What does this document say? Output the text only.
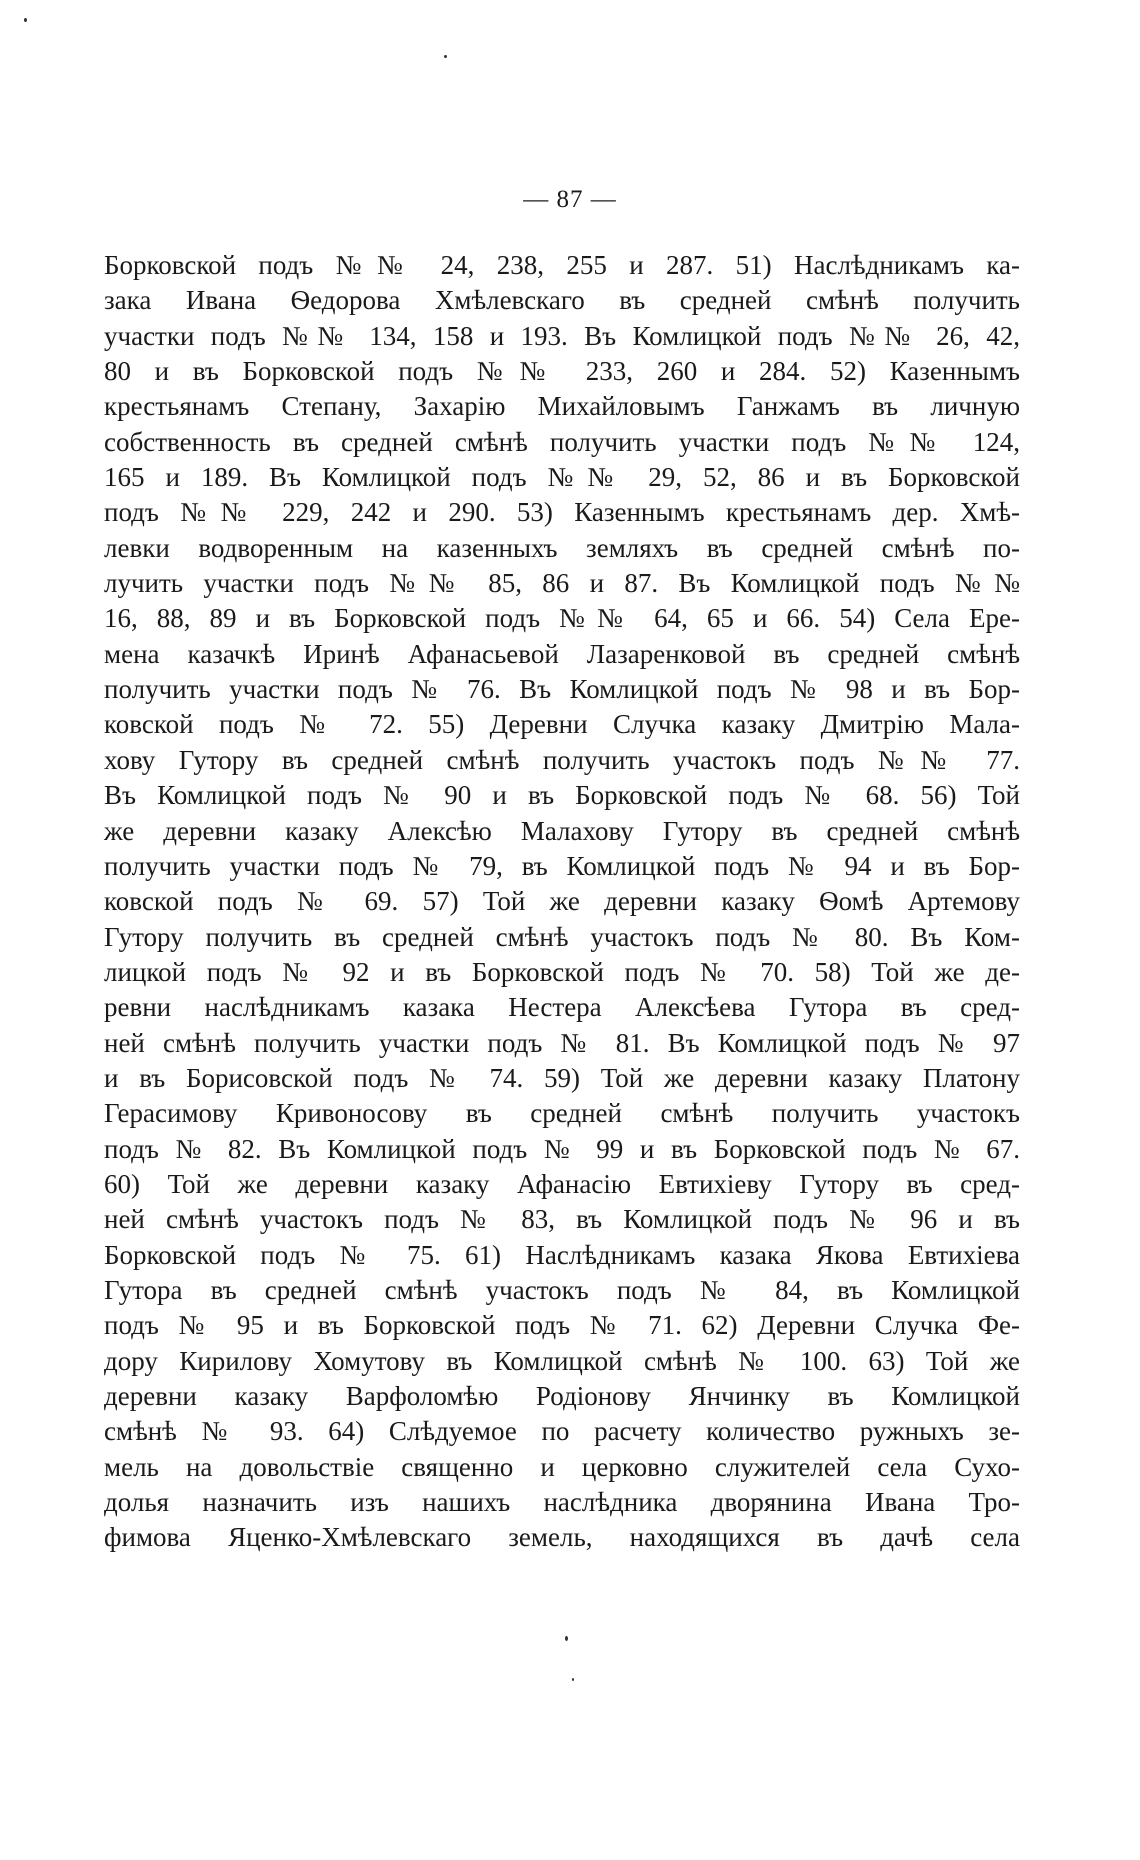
— 87 —
Борковской подъ №№ 24, 238, 255 и 287. 51) Наслѣдникамъ ка-
зака Ивана Ѳедорова Хмѣлевскаго въ средней смѣнѣ получить
участки подъ №№ 134, 158 и 193. Въ Комлицкой подъ №№ 26, 42,
80 и въ Борковской подъ №№ 233, 260 и 284. 52) Казеннымъ
крестьянамъ Степану, Захарію Михайловымъ Ганжамъ въ личную
собственность въ средней смѣнѣ получить участки подъ №№ 124,
165 и 189. Въ Комлицкой подъ №№ 29, 52, 86 и въ Борковской
подъ №№ 229, 242 и 290. 53) Казеннымъ крестьянамъ дер. Хмѣ-
левки водворенным на казенныхъ земляхъ въ средней смѣнѣ по-
лучить участки подъ №№ 85, 86 и 87. Въ Комлицкой подъ №№
16, 88, 89 и въ Борковской подъ №№ 64, 65 и 66. 54) Села Ере-
мена казачкѣ Иринѣ Афанасьевой Лазаренковой въ средней смѣнѣ
получить участки подъ № 76. Въ Комлицкой подъ № 98 и въ Бор-
ковской подъ № 72. 55) Деревни Случка казаку Дмитрію Мала-
хову Гутору въ средней смѣнѣ получить участокъ подъ №№ 77.
Въ Комлицкой подъ № 90 и въ Борковской подъ № 68. 56) Той
же деревни казаку Алексѣю Малахову Гутору въ средней смѣнѣ
получить участки подъ № 79, въ Комлицкой подъ № 94 и въ Бор-
ковской подъ № 69. 57) Той же деревни казаку Ѳомѣ Артемову
Гутору получить въ средней смѣнѣ участокъ подъ № 80. Въ Ком-
лицкой подъ № 92 и въ Борковской подъ № 70. 58) Той же де-
ревни наслѣдникамъ казака Нестера Алексѣева Гутора въ сред-
ней смѣнѣ получить участки подъ № 81. Въ Комлицкой подъ № 97
и въ Борисовской подъ № 74. 59) Той же деревни казаку Платону
Герасимову Кривоносову въ средней смѣнѣ получить участокъ
подъ № 82. Въ Комлицкой подъ № 99 и въ Борковской подъ № 67.
60) Той же деревни казаку Афанасію Евтихіеву Гутору въ сред-
ней смѣнѣ участокъ подъ № 83, въ Комлицкой подъ № 96 и въ
Борковской подъ № 75. 61) Наслѣдникамъ казака Якова Евтихіева
Гутора въ средней смѣнѣ участокъ подъ № 84, въ Комлицкой
подъ № 95 и въ Борковской подъ № 71. 62) Деревни Случка Фе-
дору Кирилову Хомутову въ Комлицкой смѣнѣ № 100. 63) Той же
деревни казаку Варфоломѣю Родіонову Янчинку въ Комлицкой
смѣнѣ № 93. 64) Слѣдуемое по расчету количество ружныхъ зе-
мель на довольствіе священно и церковно служителей села Сухо-
долья назначить изъ нашихъ наслѣдника дворянина Ивана Тро-
фимова Яценко-Хмѣлевскаго земель, находящихся въ дачѣ села
